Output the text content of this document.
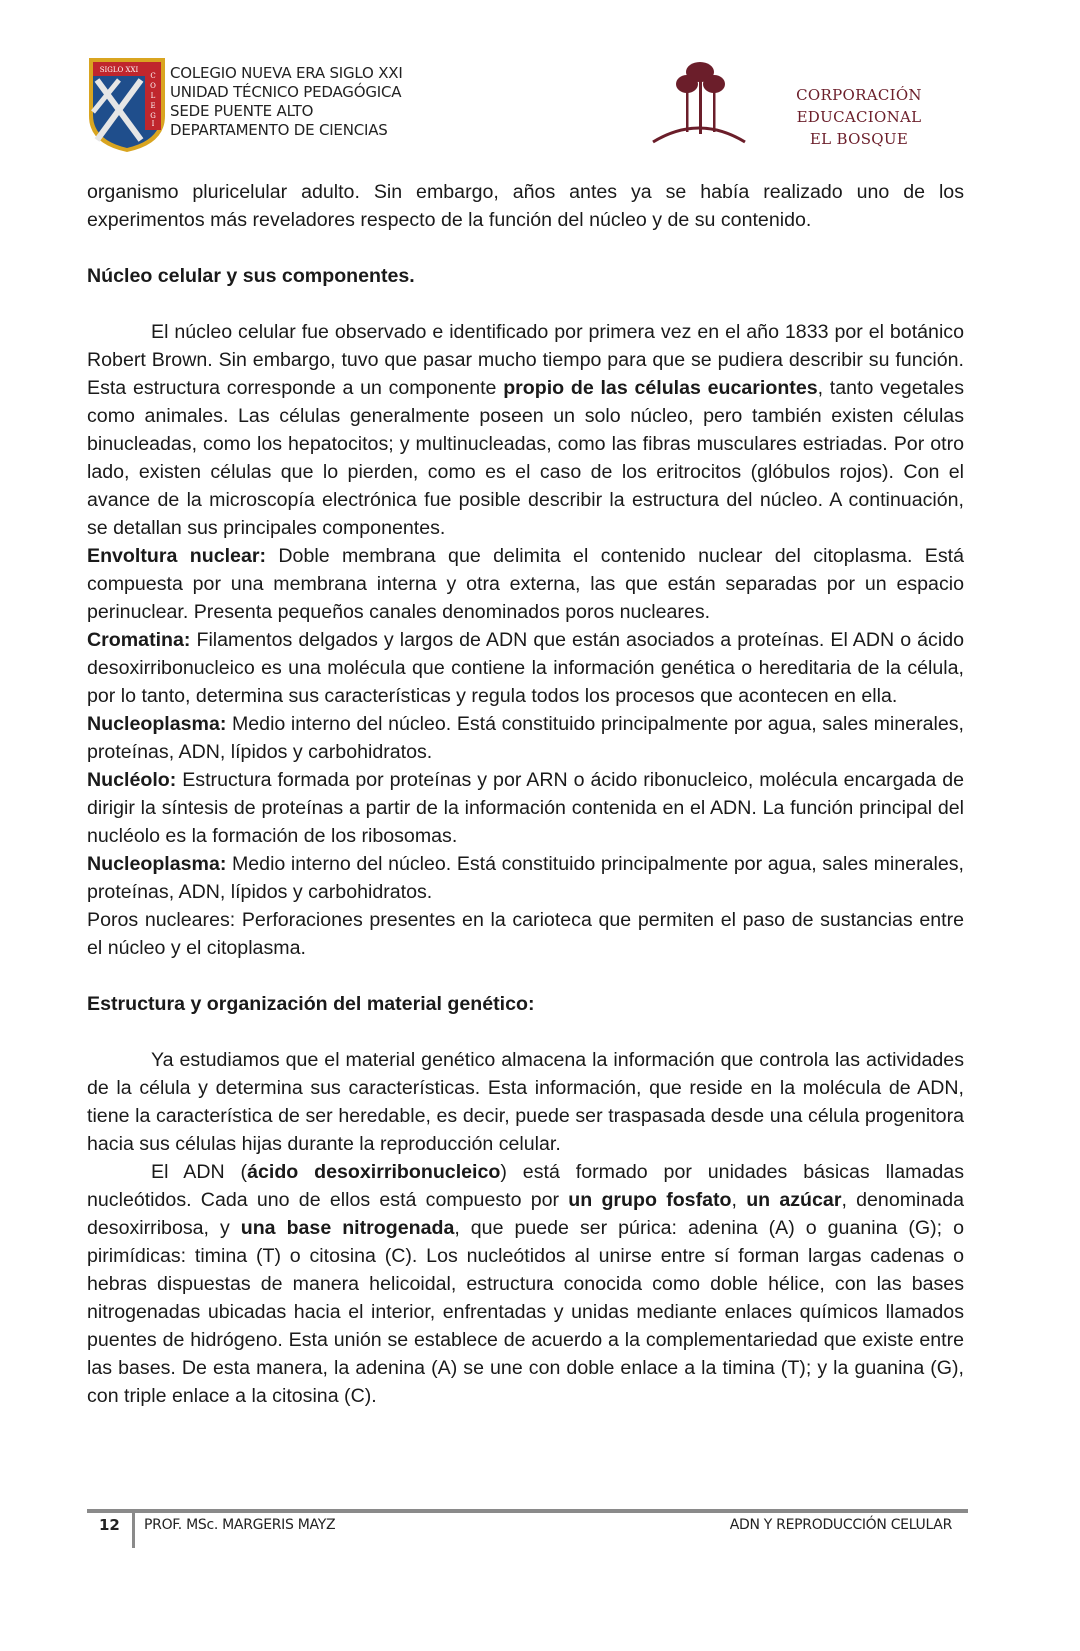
SIGLO XXI
C
O
L
E
G
I
COLEGIO NUEVA ERA SIGLO XXI
UNIDAD TÉCNICO PEDAGÓGICA
SEDE PUENTE ALTO
DEPARTAMENTO DE CIENCIAS
CORPORACIÓN EDUCACIONAL
EL BOSQUE

organismo pluricelular adulto. Sin embargo, años antes ya se había realizado uno de los experimentos más reveladores respecto de la función del núcleo y de su contenido.

Núcleo celular y sus componentes.

El núcleo celular fue observado e identificado por primera vez en el año 1833 por el botánico Robert Brown. Sin embargo, tuvo que pasar mucho tiempo para que se pudiera describir su función. Esta estructura corresponde a un componente propio de las células eucariontes, tanto vegetales como animales. Las células generalmente poseen un solo núcleo, pero también existen células binucleadas, como los hepatocitos; y multinucleadas, como las fibras musculares estriadas. Por otro lado, existen células que lo pierden, como es el caso de los eritrocitos (glóbulos rojos). Con el avance de la microscopía electrónica fue posible describir la estructura del núcleo. A continuación, se detallan sus principales componentes.

Envoltura nuclear: Doble membrana que delimita el contenido nuclear del citoplasma. Está compuesta por una membrana interna y otra externa, las que están separadas por un espacio perinuclear. Presenta pequeños canales denominados poros nucleares.

Cromatina: Filamentos delgados y largos de ADN que están asociados a proteínas. El ADN o ácido desoxirribonucleico es una molécula que contiene la información genética o hereditaria de la célula, por lo tanto, determina sus características y regula todos los procesos que acontecen en ella.

Nucleoplasma: Medio interno del núcleo. Está constituido principalmente por agua, sales minerales, proteínas, ADN, lípidos y carbohidratos.

Nucléolo: Estructura formada por proteínas y por ARN o ácido ribonucleico, molécula encargada de dirigir la síntesis de proteínas a partir de la información contenida en el ADN. La función principal del nucléolo es la formación de los ribosomas.

Nucleoplasma: Medio interno del núcleo. Está constituido principalmente por agua, sales minerales, proteínas, ADN, lípidos y carbohidratos.

Poros nucleares: Perforaciones presentes en la carioteca que permiten el paso de sustancias entre el núcleo y el citoplasma.

Estructura y organización del material genético:

Ya estudiamos que el material genético almacena la información que controla las actividades de la célula y determina sus características. Esta información, que reside en la molécula de ADN, tiene la característica de ser heredable, es decir, puede ser traspasada desde una célula progenitora hacia sus células hijas durante la reproducción celular.

El ADN (ácido desoxirribonucleico) está formado por unidades básicas llamadas nucleótidos. Cada uno de ellos está compuesto por un grupo fosfato, un azúcar, denominada desoxirribosa, y una base nitrogenada, que puede ser púrica: adenina (A) o guanina (G); o pirimídicas: timina (T) o citosina (C). Los nucleótidos al unirse entre sí forman largas cadenas o hebras dispuestas de manera helicoidal, estructura conocida como doble hélice, con las bases nitrogenadas ubicadas hacia el interior, enfrentadas y unidas mediante enlaces químicos llamados puentes de hidrógeno. Esta unión se establece de acuerdo a la complementariedad que existe entre las bases. De esta manera, la adenina (A) se une con doble enlace a la timina (T); y la guanina (G), con triple enlace a la citosina (C).

12 PROF. MSc. MARGERIS MAYZ	ADN Y REPRODUCCIÓN CELULAR
